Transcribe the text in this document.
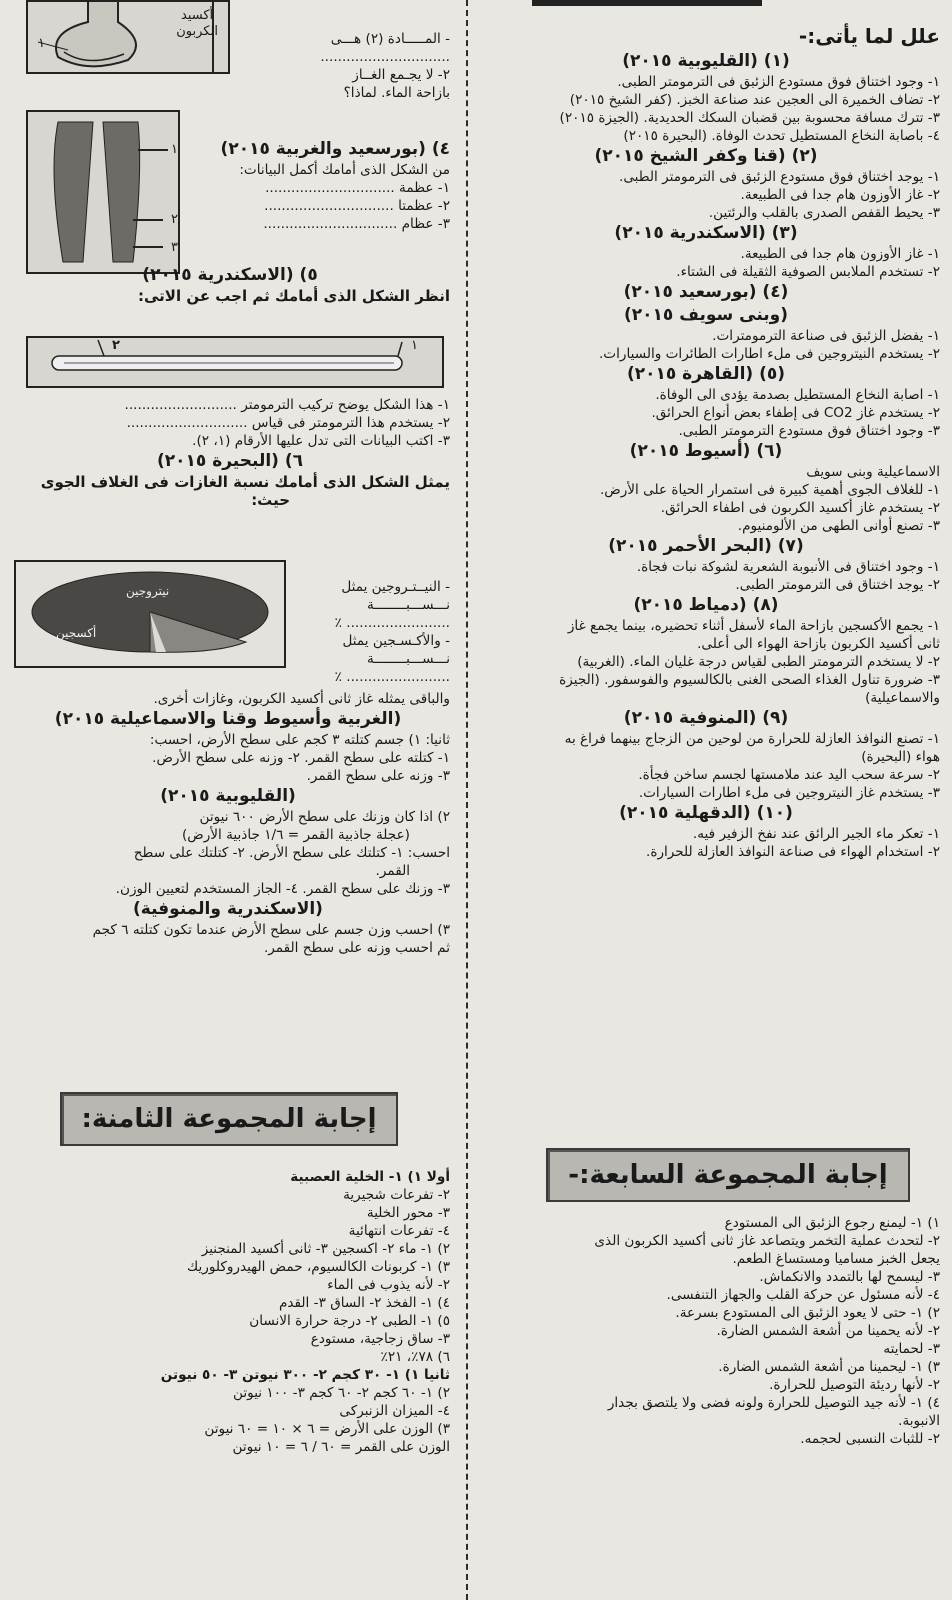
علل لما يأتى:-
(١) (القليوبية ٢٠١٥)
١- وجود اختناق فوق مستودع الزئبق فى الترمومتر الطبى.
٢- تضاف الخميرة الى العجين عند صناعة الخبز. (كفر الشيخ ٢٠١٥)
٣- تترك مسافة محسوبة بين قضبان السكك الحديدية. (الجيزة ٢٠١٥)
٤- باصابة النخاع المستطيل تحدث الوفاة. (البحيرة ٢٠١٥)
(٢) (قنا وكفر الشيخ ٢٠١٥)
١- يوجد اختناق فوق مستودع الزئبق فى الترمومتر الطبى.
٢- غاز الأوزون هام جدا فى الطبيعة.
٣- يحيط القفص الصدرى بالقلب والرئتين.
(٣) (الاسكندرية ٢٠١٥)
١- غاز الأوزون هام جدا فى الطبيعة.
٢- تستخدم الملابس الصوفية الثقيلة فى الشتاء.
(٤) (بورسعيد ٢٠١٥)
(وبنى سويف ٢٠١٥)
١- يفضل الزئبق فى صناعة الترمومترات.
٢- يستخدم النيتروجين فى ملء اطارات الطائرات والسيارات.
(٥) (القاهرة ٢٠١٥)
١- اصابة النخاع المستطيل بصدمة يؤدى الى الوفاة.
٢- يستخدم غاز CO2 فى إطفاء بعض أنواع الحرائق.
٣- وجود اختناق فوق مستودع الترمومتر الطبى.
(٦) (أسيوط ٢٠١٥)
الاسماعيلية وبنى سويف
١- للغلاف الجوى أهمية كبيرة فى استمرار الحياة على الأرض.
٢- يستخدم غاز أكسيد الكربون فى اطفاء الحرائق.
٣- تصنع أوانى الطهى من الألومنيوم.
(٧) (البحر الأحمر ٢٠١٥)
١- وجود اختناق فى الأنبوبة الشعرية لشوكة نبات فجاة.
٢- يوجد اختناق فى الترمومتر الطبى.
(٨) (دمياط ٢٠١٥)
١- يجمع الأكسجين بازاحة الماء لأسفل أثناء تحضيره، بينما يجمع غاز
ثانى أكسيد الكربون بازاحة الهواء الى أعلى.
٢- لا يستخدم الترمومتر الطبى لقياس درجة غليان الماء. (الغربية)
٣- ضرورة تناول الغذاء الصحى الغنى بالكالسيوم والفوسفور. (الجيزة
والاسماعيلية)
(٩) (المنوفية ٢٠١٥)
١- تصنع النوافذ العازلة للحرارة من لوحين من الزجاج بينهما فراغ به
هواء (البحيرة)
٢- سرعة سحب اليد عند ملامستها لجسم ساخن فجأة.
٣- يستخدم غاز النيتروجين فى ملء اطارات السيارات.
(١٠) (الدقهلية ٢٠١٥)
١- تعكر ماء الجير الرائق عند نفخ الزفير فيه.
٢- استخدام الهواء فى صناعة النوافذ العازلة للحرارة.
إجابة المجموعة السابعة:-
١) ١- ليمنع رجوع الزئبق الى المستودع
٢- لتحدث عملية التخمر ويتصاعد غاز ثانى أكسيد الكربون الذى
يجعل الخبز مساميا ومستساغ الطعم.
٣- ليسمح لها بالتمدد والانكماش.
٤- لأنه مسئول عن حركة القلب والجهاز التنفسى.
٢) ١- حتى لا يعود الزئبق الى المستودع بسرعة.
٢- لأنه يحمينا من أشعة الشمس الضارة.
٣- لحمايته
٣) ١- ليحمينا من أشعة الشمس الضارة.
٢- لأنها رديئة التوصيل للحرارة.
٤) ١- لأنه جيد التوصيل للحرارة ولونه فضى ولا يلتصق بجدار
الانبوبة.
٢- للثبات النسبى لحجمه.
أكسيد
الكربون
١	- المـــــادة (٢) هـــى
..............................
٢- لا يجـمع الغــاز
بازاحة الماء. لماذا؟
١
٢
٣
٤) (بورسعيد والغربية ٢٠١٥)
من الشكل الذى أمامك أكمل البيانات:
١- عظمة ..............................
٢- عظمتا ..............................
٣- عظام ...............................
٥) (الاسكندرية ٢٠١٥)
انظر الشكل الذى أمامك ثم اجب عن الاتى:
٢	١
١- هذا الشكل يوضح تركيب الترمومتر ..........................
٢- يستخدم هذا الترمومتر فى قياس ............................
٣- اكتب البيانات التى تدل عليها الأرقام (١، ٢).
٦) (البحيرة ٢٠١٥)
يمثل الشكل الذى أمامك نسبة الغازات فى الغلاف الجوى
حيث:
نيتروجين
أكسجين
- النيــتـروجين يمثل
نـــســـبــــــــة
........................ ٪
- والأكـسـجين يمثل
نـــســـبــــــــة
........................ ٪
والباقى يمثله غاز ثانى أكسيد الكربون، وغازات أخرى.
(الغربية وأسيوط وقنا والاسماعيلية ٢٠١٥)
ثانيا: ١) جسم كتلته ٣ كجم على سطح الأرض، احسب:
١- كتلته على سطح القمر. ٢- وزنه على سطح الأرض.
٣- وزنه على سطح القمر.
(القليوبية ٢٠١٥)
٢) اذا كان وزنك على سطح الأرض ٦٠٠ نيوتن
(عجلة جاذبية القمر = ١/٦ جاذبية الأرض)
احسب: ١- كتلتك على سطح الأرض. ٢- كتلتك على سطح
القمر.
٣- وزنك على سطح القمر. ٤- الجاز المستخدم لتعيين الوزن.
(الاسكندرية والمنوفية)
٣) احسب وزن جسم على سطح الأرض عندما تكون كتلته ٦ كجم
ثم احسب وزنه على سطح القمر.
إجابة المجموعة الثامنة:
أولا ١) ١- الخلية العصبية
٢- تفرعات شجيرية
٣- محور الخلية
٤- تفرعات انتهائية
٢) ١- ماء ٢- اكسجين ٣- ثانى أكسيد المنجنيز
٣) ١- كربونات الكالسيوم، حمض الهيدروكلوريك
٢- لأنه يذوب فى الماء
٤) ١- الفخذ ٢- الساق ٣- القدم
٥) ١- الطبى ٢- درجة حرارة الانسان
٣- ساق زجاجية، مستودع
٦) ٧٨٪، ٢١٪
ثانيا ١) ١- ٣٠ كجم ٢- ٣٠٠ نيوتن ٣- ٥٠ نيوتن
٢) ١- ٦٠ كجم ٢- ٦٠ كجم ٣- ١٠٠ نيوتن
٤- الميزان الزنبركى
٣) الوزن على الأرض = ٦ × ١٠ = ٦٠ نيوتن
الوزن على القمر = ٦٠ / ٦ = ١٠ نيوتن
